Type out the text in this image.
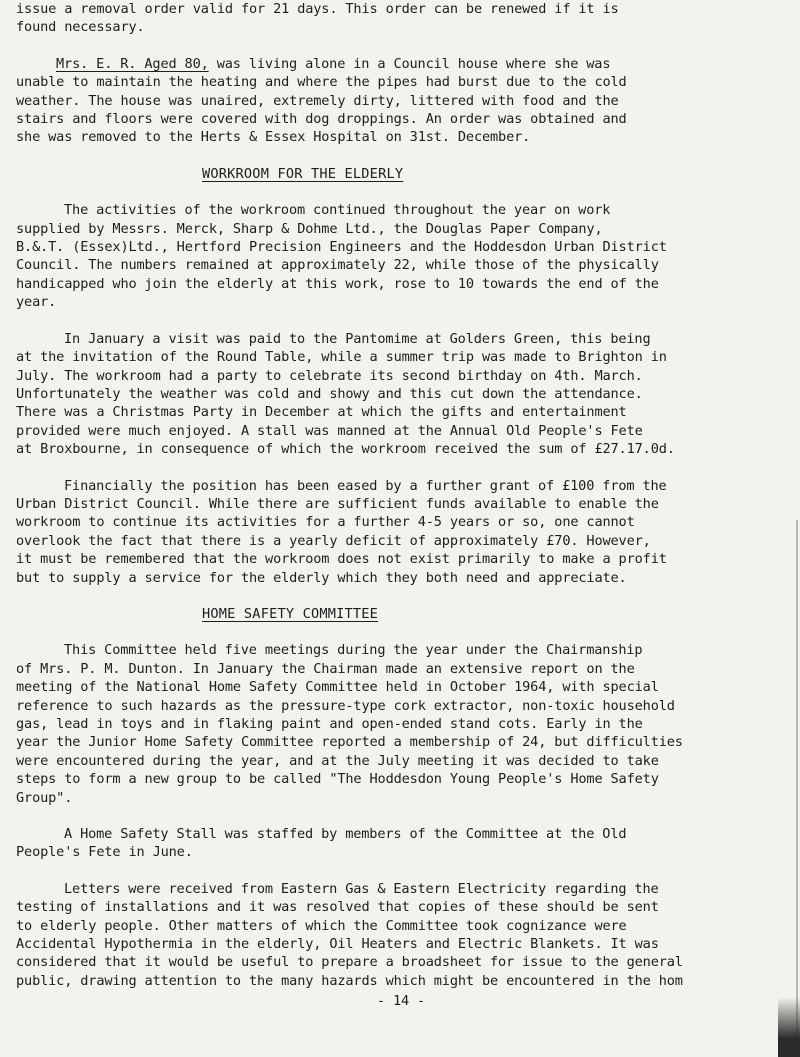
issue a removal order valid for 21 days. This order can be renewed if it is

found necessary.

Mrs. E. R. Aged 80, was living alone in a Council house where she was

unable to maintain the heating and where the pipes had burst due to the cold

weather. The house was unaired, extremely dirty, littered with food and the

stairs and floors were covered with dog droppings. An order was obtained and

she was removed to the Herts & Essex Hospital on 31st. December.

WORKROOM FOR THE ELDERLY

The activities of the workroom continued throughout the year on work

supplied by Messrs. Merck, Sharp & Dohme Ltd., the Douglas Paper Company,

B.&.T. (Essex)Ltd., Hertford Precision Engineers and the Hoddesdon Urban District

Council. The numbers remained at approximately 22, while those of the physically

handicapped who join the elderly at this work, rose to 10 towards the end of the

year.

In January a visit was paid to the Pantomime at Golders Green, this being

at the invitation of the Round Table, while a summer trip was made to Brighton in

July. The workroom had a party to celebrate its second birthday on 4th. March.

Unfortunately the weather was cold and showy and this cut down the attendance.

There was a Christmas Party in December at which the gifts and entertainment

provided were much enjoyed. A stall was manned at the Annual Old People's Fete

at Broxbourne, in consequence of which the workroom received the sum of £27.17.0d.

Financially the position has been eased by a further grant of £100 from the

Urban District Council. While there are sufficient funds available to enable the

workroom to continue its activities for a further 4-5 years or so, one cannot

overlook the fact that there is a yearly deficit of approximately £70. However,

it must be remembered that the workroom does not exist primarily to make a profit

but to supply a service for the elderly which they both need and appreciate.

HOME SAFETY COMMITTEE

This Committee held five meetings during the year under the Chairmanship

of Mrs. P. M. Dunton. In January the Chairman made an extensive report on the

meeting of the National Home Safety Committee held in October 1964, with special

reference to such hazards as the pressure-type cork extractor, non-toxic household

gas, lead in toys and in flaking paint and open-ended stand cots. Early in the

year the Junior Home Safety Committee reported a membership of 24, but difficulties

were encountered during the year, and at the July meeting it was decided to take

steps to form a new group to be called "The Hoddesdon Young People's Home Safety

Group".

A Home Safety Stall was staffed by members of the Committee at the Old

People's Fete in June.

Letters were received from Eastern Gas & Eastern Electricity regarding the

testing of installations and it was resolved that copies of these should be sent

to elderly people. Other matters of which the Committee took cognizance were

Accidental Hypothermia in the elderly, Oil Heaters and Electric Blankets. It was

considered that it would be useful to prepare a broadsheet for issue to the general

public, drawing attention to the many hazards which might be encountered in the hom

- 14 -
